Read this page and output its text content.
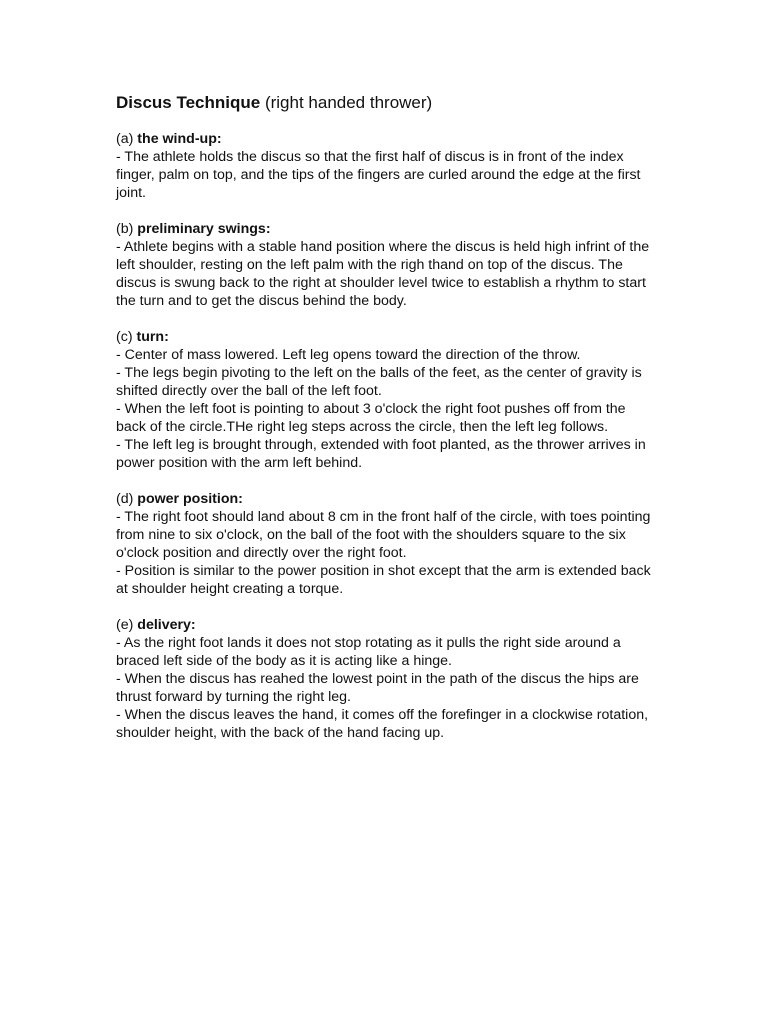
Discus Technique (right handed thrower)

(a) the wind-up:

- The athlete holds the discus so that the first half of discus is in front of the index finger, palm on top, and the tips of the fingers are curled around the edge at the first joint.

(b) preliminary swings:

- Athlete begins with a stable hand position where the discus is held high infrint of the left shoulder, resting on the left palm with the righ thand on top of the discus. The discus is swung back to the right at shoulder level twice to establish a rhythm to start the turn and to get the discus behind the body.

(c) turn:

- Center of mass lowered. Left leg opens toward the direction of the throw.

- The legs begin pivoting to the left on the balls of the feet, as the center of gravity is shifted directly over the ball of the left foot.

- When the left foot is pointing to about 3 o'clock the right foot pushes off from the back of the circle.THe right leg steps across the circle, then the left leg follows.

- The left leg is brought through, extended with foot planted, as the thrower arrives in power position with the arm left behind.

(d) power position:

- The right foot should land about 8 cm in the front half of the circle, with toes pointing from nine to six o'clock, on the ball of the foot with the shoulders square to the six o'clock position and directly over the right foot.

- Position is similar to the power position in shot except that the arm is extended back at shoulder height creating a torque.

(e) delivery:

- As the right foot lands it does not stop rotating as it pulls the right side around a braced left side of the body as it is acting like a hinge.

- When the discus has reahed the lowest point in the path of the discus the hips are thrust forward by turning the right leg.

- When the discus leaves the hand, it comes off the forefinger in a clockwise rotation, shoulder height, with the back of the hand facing up.
